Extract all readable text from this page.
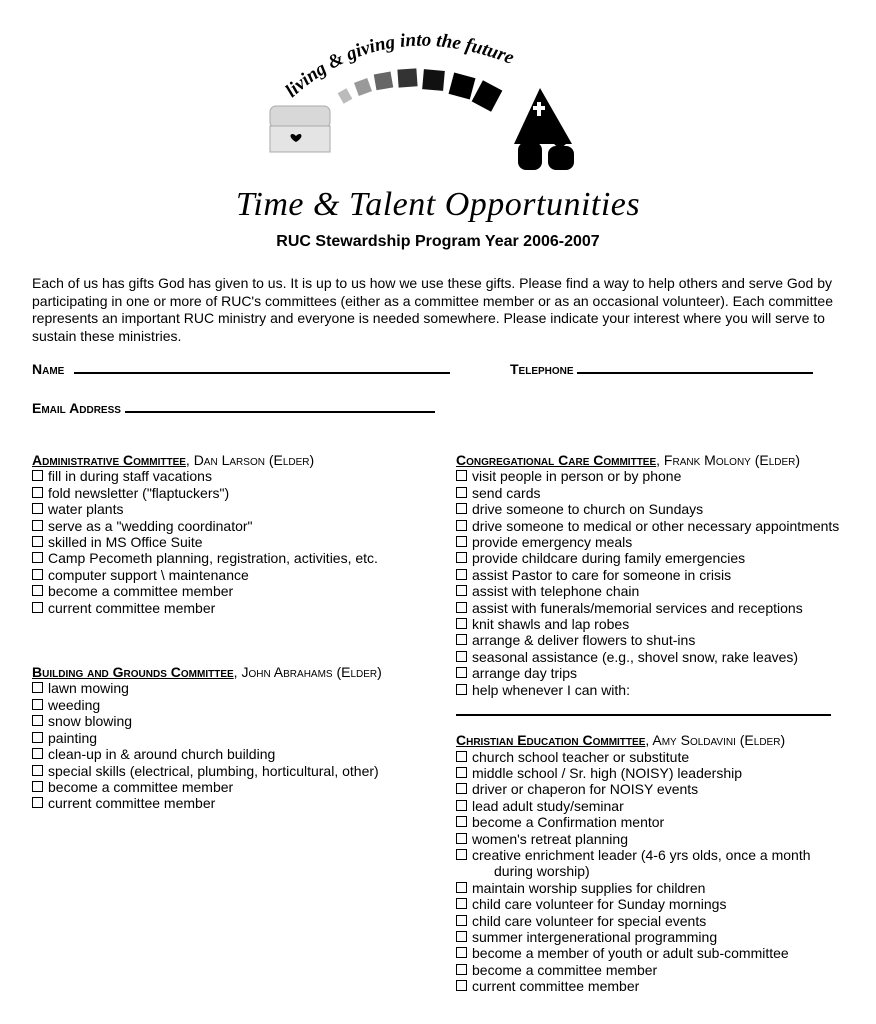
living & giving into the future
Time & Talent Opportunities
RUC Stewardship Program Year 2006-2007
Each of us has gifts God has given to us. It is up to us how we use these gifts. Please find a way to help others and serve God by participating in one or more of RUC's committees (either as a committee member or as an occasional volunteer). Each committee represents an important RUC ministry and everyone is needed somewhere. Please indicate your interest where you will serve to sustain these ministries.
Name	Telephone
Email Address
Administrative Committee, Dan Larson (Elder)
fill in during staff vacations
fold newsletter ("flaptuckers")
water plants
serve as a "wedding coordinator"
skilled in MS Office Suite
Camp Pecometh planning, registration, activities, etc.
computer support \ maintenance
become a committee member
current committee member
Building and Grounds Committee, John Abrahams (Elder)
lawn mowing
weeding
snow blowing
painting
clean-up in & around church building
special skills (electrical, plumbing, horticultural, other)
become a committee member
current committee member
Congregational Care Committee, Frank Molony (Elder)
visit people in person or by phone
send cards
drive someone to church on Sundays
drive someone to medical or other necessary appointments
provide emergency meals
provide childcare during family emergencies
assist Pastor to care for someone in crisis
assist with telephone chain
assist with funerals/memorial services and receptions
knit shawls and lap robes
arrange & deliver flowers to shut-ins
seasonal assistance (e.g., shovel snow, rake leaves)
arrange day trips
help whenever I can with:
Christian Education Committee, Amy Soldavini (Elder)
church school teacher or substitute
middle school / Sr. high (NOISY) leadership
driver or chaperon for NOISY events
lead adult study/seminar
become a Confirmation mentor
women's retreat planning
creative enrichment leader (4-6 yrs olds, once a month
during worship)
maintain worship supplies for children
child care volunteer for Sunday mornings
child care volunteer for special events
summer intergenerational programming
become a member of youth or adult sub-committee
become a committee member
current committee member
